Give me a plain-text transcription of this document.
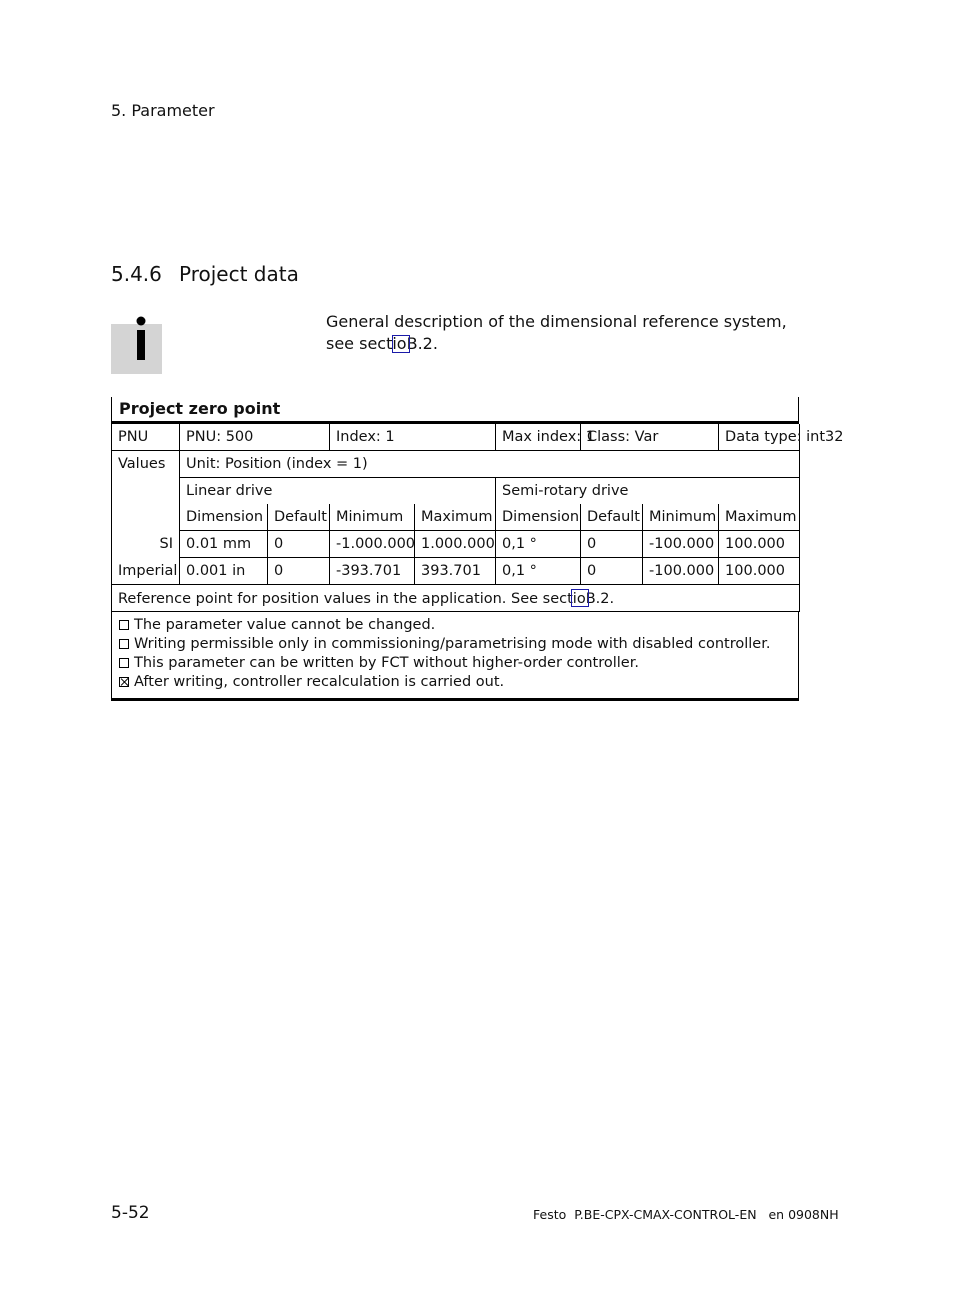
5. Parameter
5.4.6 Project data
General description of the dimensional reference system, see sectioB.2.
Project zero point
PNU	PNU: 500		Index: 1		Max index: 1	Class: Var		Data type: int32
Values	Unit: Position (index = 1)							
	Linear drive				Semi-rotary drive			
	Dimension	Default	Minimum	Maximum	Dimension	Default	Minimum	Maximum
SI	0.01 mm	0	-1.000.000	1.000.000	0,1 °	0	-100.000	100.000
Imperial	0.001 in	0	-393.701	393.701	0,1 °	0	-100.000	100.000
Reference point for position values in the application. See sectioB.2.								
The parameter value cannot be changed.
Writing permissible only in commissioning/parametrising mode with disabled controller.
This parameter can be written by FCT without higher-order controller.
After writing, controller recalculation is carried out.
5-52	Festo  P.BE-CPX-CMAX-CONTROL-EN   en 0908NH
